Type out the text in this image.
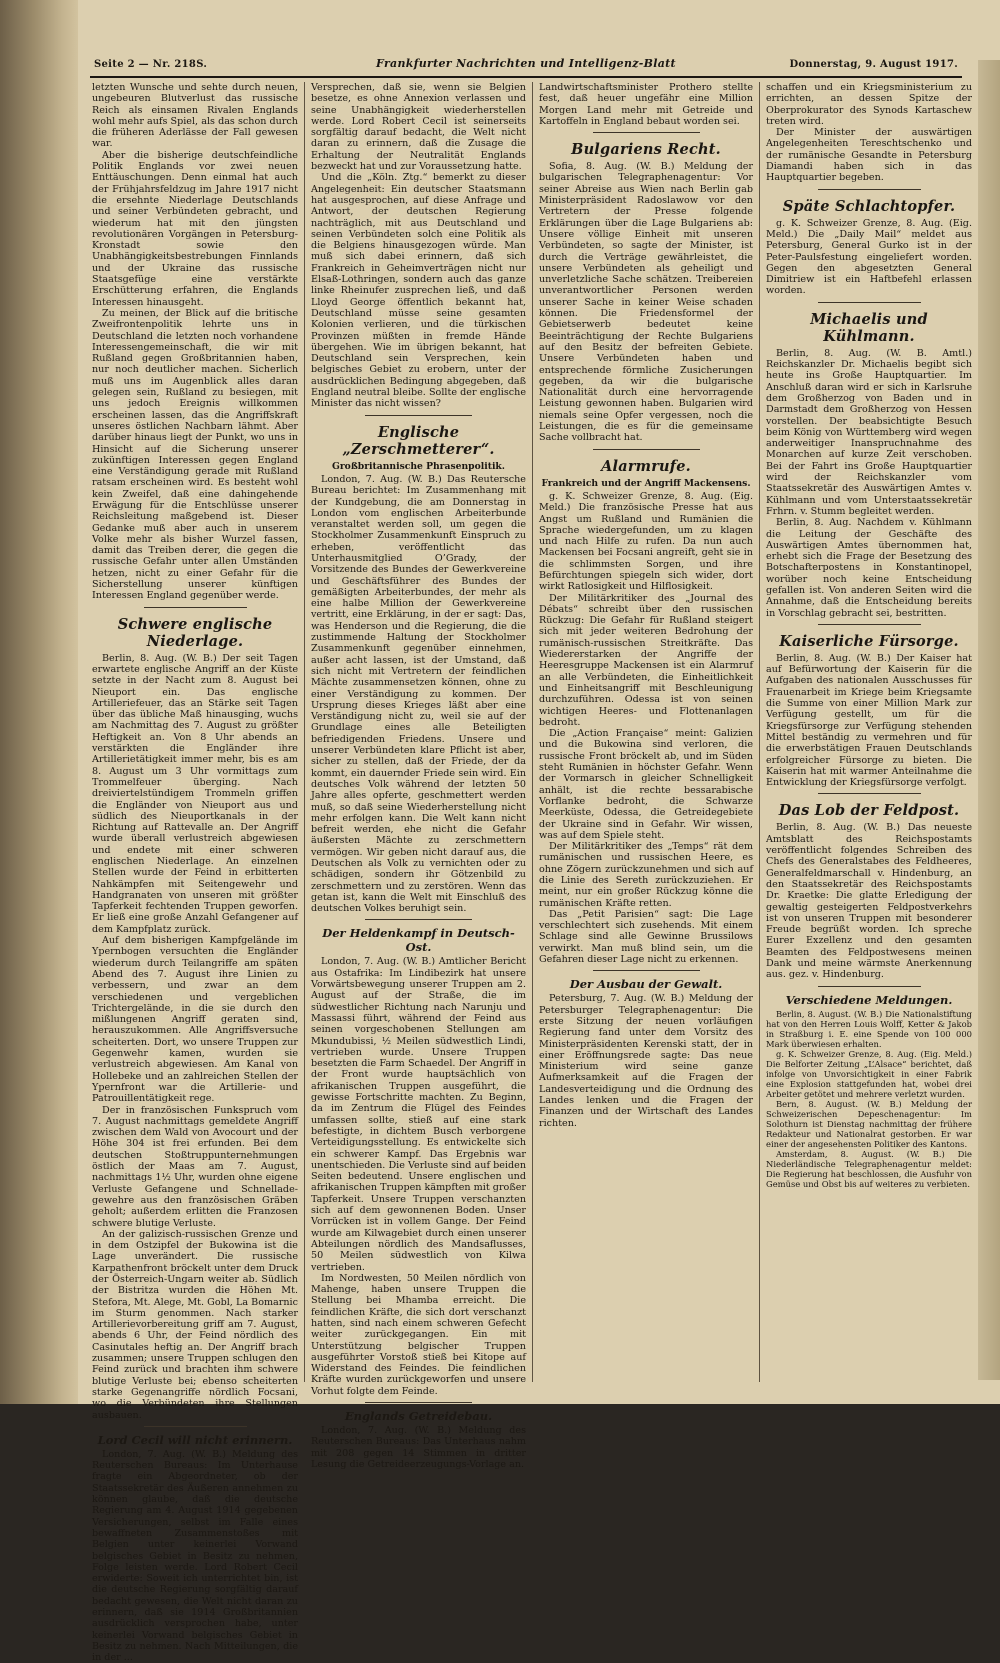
Seite 2 — Nr. 218S.	Frankfurter Nachrichten und Intelligenz-Blatt	Donnerstag, 9. August 1917.

letzten Wunsche und sehte durch neuen, ungebeuren Blutverlust das russische Reich als einsamen Rivalen Englands wohl mehr aufs Spiel, als das schon durch die früheren Aderlässe der Fall gewesen war.

Aber die bisherige deutschfeindliche Politik Englands vor zwei neuen Enttäuschungen. Denn einmal hat auch der Frühjahrsfeldzug im Jahre 1917 nicht die ersehnte Niederlage Deutschlands und seiner Verbündeten gebracht, und wiederum hat mit den jüngsten revolutionären Vorgängen in Petersburg-Kronstadt sowie den Unabhängigkeitsbestrebungen Finnlands und der Ukraine das russische Staatsgefüge eine verstärkte Erschütterung erfahren, die Englands Interessen hinausgeht.

Zu meinen, der Blick auf die britische Zweifrontenpolitik lehrte uns in Deutschland die letzten noch vorhandene Interessengemeinschaft, die wir mit Rußland gegen Großbritannien haben, nur noch deutlicher machen. Sicherlich muß uns im Augenblick alles daran gelegen sein, Rußland zu besiegen, mit uns jedoch Ereignis willkommen erscheinen lassen, das die Angriffskraft unseres östlichen Nachbarn lähmt. Aber darüber hinaus liegt der Punkt, wo uns in Hinsicht auf die Sicherung unserer zukünftigen Interessen gegen England eine Verständigung gerade mit Rußland ratsam erscheinen wird. Es besteht wohl kein Zweifel, daß eine dahingehende Erwägung für die Entschlüsse unserer Reichsleitung maßgebend ist. Dieser Gedanke muß aber auch in unserem Volke mehr als bisher Wurzel fassen, damit das Treiben derer, die gegen die russische Gefahr unter allen Umständen hetzen, nicht zu einer Gefahr für die Sicherstellung unserer künftigen Interessen England gegenüber werde.

Schwere englische Niederlage.

Berlin, 8. Aug. (W. B.) Der seit Tagen erwartete englische Angriff an der Küste setzte in der Nacht zum 8. August bei Nieuport ein. Das englische Artilleriefeuer, das an Stärke seit Tagen über das übliche Maß hinausging, wuchs am Nachmittag des 7. August zu größter Heftigkeit an. Von 8 Uhr abends an verstärkten die Engländer ihre Artillerietätigkeit immer mehr, bis es am 8. August um 3 Uhr vormittags zum Trommelfeuer überging. Nach dreiviertelstündigem Trommeln griffen die Engländer von Nieuport aus und südlich des Nieuportkanals in der Richtung auf Rattevalle an. Der Angriff wurde überall verlustreich abgewiesen und endete mit einer schweren englischen Niederlage. An einzelnen Stellen wurde der Feind in erbitterten Nahkämpfen mit Seitengewehr und Handgranaten von unseren mit größter Tapferkeit fechtenden Truppen geworfen. Er ließ eine große Anzahl Gefangener auf dem Kampfplatz zurück.

Auf dem bisherigen Kampfgelände im Ypernbogen versuchten die Engländer wiederum durch Teilangriffe am späten Abend des 7. August ihre Linien zu verbessern, und zwar an dem verschiedenen und vergeblichen Trichtergelände, in die sie durch den mißlungenen Angriff geraten sind, herauszukommen. Alle Angriffsversuche scheiterten. Dort, wo unsere Truppen zur Gegenwehr kamen, wurden sie verlustreich abgewiesen. Am Kanal von Hollebeke und an zahlreichen Stellen der Ypernfront war die Artillerie- und Patrouillentätigkeit rege.

Der in französischen Funkspruch vom 7. August nachmittags gemeldete Angriff zwischen dem Wald von Avocourt und der Höhe 304 ist frei erfunden. Bei dem deutschen Stoßtruppunternehmungen östlich der Maas am 7. August, nachmittags 1½ Uhr, wurden ohne eigene Verluste Gefangene und Schnellade-gewehre aus den französischen Gräben geholt; außerdem erlitten die Franzosen schwere blutige Verluste.

An der galizisch-russischen Grenze und in dem Ostzipfel der Bukowina ist die Lage unverändert. Die russische Karpathenfront bröckelt unter dem Druck der Österreich-Ungarn weiter ab. Südlich der Bistritza wurden die Höhen Mt. Stefora, Mt. Alege, Mt. Gobl, La Bomarnic im Sturm genommen. Nach starker Artillerievorbereitung griff am 7. August, abends 6 Uhr, der Feind nördlich des Casinutales heftig an. Der Angriff brach zusammen; unsere Truppen schlugen den Feind zurück und brachten ihm schwere blutige Verluste bei; ebenso scheiterten starke Gegenangriffe nördlich Focsani, wo die Verbündeten ihre Stellungen ausbauen.

Lord Cecil will nicht erinnern.

London, 7. Aug. (W. B.) Meldung des Reuterschen Bureaus: Im Unterhause fragte ein Abgeordneter, ob der Staatssekretär des Äußeren annehmen zu können glaube, daß die deutsche Regierung am 4. August 1914 gegebenen Versicherungen, selbst im Falle eines bewaffneten Zusammenstoßes mit Belgien unter keinerlei Vorwand belgisches Gebiet in Besitz zu nehmen, Folge leisten werde. Lord Robert Cecil erwiderte: Soweit ich unterrichtet bin, ist die deutsche Regierung sorgfältig darauf bedacht gewesen, die Welt nicht daran zu erinnern, daß sie 1914 Großbritannien ausdrücklich versprochen habe, unter keinerlei Vorwand belgisches Gebiet in Besitz zu nehmen. Nach Mitteilungen, die in der ...

Versprechen, daß sie, wenn sie Belgien besetze, es ohne Annexion verlassen und seine Unabhängigkeit wiederherstellen werde. Lord Robert Cecil ist seinerseits sorgfältig darauf bedacht, die Welt nicht daran zu erinnern, daß die Zusage die Erhaltung der Neutralität Englands bezweckt hat und zur Voraussetzung hatte.

Und die „Köln. Ztg.“ bemerkt zu dieser Angelegenheit: Ein deutscher Staatsmann hat ausgesprochen, auf diese Anfrage und Antwort, der deutschen Regierung nachträglich, mit aus Deutschland und seinen Verbündeten solch eine Politik als die Belgiens hinausgezogen würde. Man muß sich dabei erinnern, daß sich Frankreich in Geheimverträgen nicht nur Elsaß-Lothringen, sondern auch das ganze linke Rheinufer zusprechen ließ, und daß Lloyd George öffentlich bekannt hat, Deutschland müsse seine gesamten Kolonien verlieren, und die türkischen Provinzen müßten in fremde Hände übergehen. Wie im übrigen bekannt, hat Deutschland sein Versprechen, kein belgisches Gebiet zu erobern, unter der ausdrücklichen Bedingung abgegeben, daß England neutral bleibe. Sollte der englische Minister das nicht wissen?

Englische „Zerschmetterer“.
Großbritannische Phrasenpolitik.

London, 7. Aug. (W. B.) Das Reutersche Bureau berichtet: Im Zusammenhang mit der Kundgebung, die am Donnerstag in London vom englischen Arbeiterbunde veranstaltet werden soll, um gegen die Stockholmer Zusammenkunft Einspruch zu erheben, veröffentlicht das Unterhausmitglied O’Grady, der Vorsitzende des Bundes der Gewerkvereine und Geschäftsführer des Bundes der gemäßigten Arbeiterbundes, der mehr als eine halbe Million der Gewerkvereine vertritt, eine Erklärung, in der er sagt: Das, was Henderson und die Regierung, die die zustimmende Haltung der Stockholmer Zusammenkunft gegenüber einnehmen, außer acht lassen, ist der Umstand, daß sich nicht mit Vertretern der feindlichen Mächte zusammensetzen können, ohne zu einer Verständigung zu kommen. Der Ursprung dieses Krieges läßt aber eine Verständigung nicht zu, weil sie auf der Grundlage eines alle Beteiligten befriedigenden Friedens. Unsere und unserer Verbündeten klare Pflicht ist aber, sicher zu stellen, daß der Friede, der da kommt, ein dauernder Friede sein wird. Ein deutsches Volk während der letzten 50 Jahre alles opferte, geschmettert werden muß, so daß seine Wiederherstellung nicht mehr erfolgen kann. Die Welt kann nicht befreit werden, ehe nicht die Gefahr äußersten Mächte zu zerschmettern vermögen. Wir geben nicht darauf aus, die Deutschen als Volk zu vernichten oder zu schädigen, sondern ihr Götzenbild zu zerschmettern und zu zerstören. Wenn das getan ist, kann die Welt mit Einschluß des deutschen Volkes beruhigt sein.

Der Heldenkampf in Deutsch-Ost.

London, 7. Aug. (W. B.) Amtlicher Bericht aus Ostafrika: Im Lindibezirk hat unsere Vorwärtsbewegung unserer Truppen am 2. August auf der Straße, die im südwestlicher Richtung nach Narunju und Massassi führt, während der Feind aus seinen vorgeschobenen Stellungen am Mkundubissi, ½ Meilen südwestlich Lindi, vertrieben wurde. Unsere Truppen besetzten die Farm Schaedel. Der Angriff in der Front wurde hauptsächlich von afrikanischen Truppen ausgeführt, die gewisse Fortschritte machten. Zu Beginn, da im Zentrum die Flügel des Feindes umfassen sollte, stieß auf eine stark befestigte, in dichtem Busch verborgene Verteidigungsstellung. Es entwickelte sich ein schwerer Kampf. Das Ergebnis war unentschieden. Die Verluste sind auf beiden Seiten bedeutend. Unsere englischen und afrikanischen Truppen kämpften mit großer Tapferkeit. Unsere Truppen verschanzten sich auf dem gewonnenen Boden. Unser Vorrücken ist in vollem Gange. Der Feind wurde am Kilwagebiet durch einen unserer Abteilungen nördlich des Mandsaflusses, 50 Meilen südwestlich von Kilwa vertrieben.

Im Nordwesten, 50 Meilen nördlich von Mahenge, haben unsere Truppen die Stellung bei Mhamba erreicht. Die feindlichen Kräfte, die sich dort verschanzt hatten, sind nach einem schweren Gefecht weiter zurückgegangen. Ein mit Unterstützung belgischer Truppen ausgeführter Vorstoß stieß bei Kitope auf Widerstand des Feindes. Die feindlichen Kräfte wurden zurückgeworfen und unsere Vorhut folgte dem Feinde.

Englands Getreidebau.

London, 7. Aug. (W. B.) Meldung des Reuterschen Bureaus: Das Unterhaus nahm mit 208 gegen 14 Stimmen in dritter Lesung die Getreideerzeugungs-Vorlage an.

Landwirtschaftsminister Prothero stellte fest, daß heuer ungefähr eine Million Morgen Land mehr mit Getreide und Kartoffeln in England bebaut worden sei.

Bulgariens Recht.

Sofia, 8. Aug. (W. B.) Meldung der bulgarischen Telegraphenagentur: Vor seiner Abreise aus Wien nach Berlin gab Ministerpräsident Radoslawow vor den Vertretern der Presse folgende Erklärungen über die Lage Bulgariens ab: Unsere völlige Einheit mit unseren Verbündeten, so sagte der Minister, ist durch die Verträge gewährleistet, die unsere Verbündeten als geheiligt und unverletzliche Sache schätzen. Treibereien unverantwortlicher Personen werden unserer Sache in keiner Weise schaden können. Die Friedensformel der Gebietserwerb bedeutet keine Beeinträchtigung der Rechte Bulgariens auf den Besitz der befreiten Gebiete. Unsere Verbündeten haben und entsprechende förmliche Zusicherungen gegeben, da wir die bulgarische Nationalität durch eine hervorragende Leistung gewonnen haben. Bulgarien wird niemals seine Opfer vergessen, noch die Leistungen, die es für die gemeinsame Sache vollbracht hat.

Alarmrufe.
Frankreich und der Angriff Mackensens.

g. K. Schweizer Grenze, 8. Aug. (Eig. Meld.) Die französische Presse hat aus Angst um Rußland und Rumänien die Sprache wiedergefunden, um zu klagen und nach Hilfe zu rufen. Da nun auch Mackensen bei Focsani angreift, geht sie in die schlimmsten Sorgen, und ihre Befürchtungen spiegeln sich wider, dort wirkt Ratlosigkeit und Hilflosigkeit.

Der Militärkritiker des „Journal des Débats“ schreibt über den russischen Rückzug: Die Gefahr für Rußland steigert sich mit jeder weiteren Bedrohung der rumänisch-russischen Streitkräfte. Das Wiedererstarken der Angriffe der Heeresgruppe Mackensen ist ein Alarmruf an alle Verbündeten, die Einheitlichkeit und Einheitsangriff mit Beschleunigung durchzuführen. Odessa ist von seinen wichtigen Heeres- und Flottenanlagen bedroht.

Die „Action Française“ meint: Galizien und die Bukowina sind verloren, die russische Front bröckelt ab, und im Süden steht Rumänien in höchster Gefahr. Wenn der Vormarsch in gleicher Schnelligkeit anhält, ist die rechte bessarabische Vorflanke bedroht, die Schwarze Meerküste, Odessa, die Getreidegebiete der Ukraine sind in Gefahr. Wir wissen, was auf dem Spiele steht.

Der Militärkritiker des „Temps“ rät dem rumänischen und russischen Heere, es ohne Zögern zurückzunehmen und sich auf die Linie des Sereth zurückzuziehen. Er meint, nur ein großer Rückzug könne die rumänischen Kräfte retten.

Das „Petit Parisien“ sagt: Die Lage verschlechtert sich zusehends. Mit einem Schlage sind alle Gewinne Brussilows verwirkt. Man muß blind sein, um die Gefahren dieser Lage nicht zu erkennen.

Der Ausbau der Gewalt.

Petersburg, 7. Aug. (W. B.) Meldung der Petersburger Telegraphenagentur: Die erste Sitzung der neuen vorläufigen Regierung fand unter dem Vorsitz des Ministerpräsidenten Kerenski statt, der in einer Eröffnungsrede sagte: Das neue Ministerium wird seine ganze Aufmerksamkeit auf die Fragen der Landesverteidigung und die Ordnung des Landes lenken und die Fragen der Finanzen und der Wirtschaft des Landes richten.

schaffen und ein Kriegsministerium zu errichten, an dessen Spitze der Oberprokurator des Synods Kartaschew treten wird.

Der Minister der auswärtigen Angelegenheiten Tereschtschenko und der rumänische Gesandte in Petersburg Diamandi haben sich in das Hauptquartier begeben.

Späte Schlachtopfer.

g. K. Schweizer Grenze, 8. Aug. (Eig. Meld.) Die „Daily Mail“ meldet aus Petersburg, General Gurko ist in der Peter-Paulsfestung eingeliefert worden. Gegen den abgesetzten General Dimitriew ist ein Haftbefehl erlassen worden.

Michaelis und Kühlmann.

Berlin, 8. Aug. (W. B. Amtl.) Reichskanzler Dr. Michaelis begibt sich heute ins Große Hauptquartier. Im Anschluß daran wird er sich in Karlsruhe dem Großherzog von Baden und in Darmstadt dem Großherzog von Hessen vorstellen. Der beabsichtigte Besuch beim König von Württemberg wird wegen anderweitiger Inanspruchnahme des Monarchen auf kurze Zeit verschoben. Bei der Fahrt ins Große Hauptquartier wird der Reichskanzler vom Staatssekretär des Auswärtigen Amtes v. Kühlmann und vom Unterstaatssekretär Frhrn. v. Stumm begleitet werden.

Berlin, 8. Aug. Nachdem v. Kühlmann die Leitung der Geschäfte des Auswärtigen Amtes übernommen hat, erhebt sich die Frage der Besetzung des Botschafterpostens in Konstantinopel, worüber noch keine Entscheidung gefallen ist. Von anderen Seiten wird die Annahme, daß die Entscheidung bereits in Vorschlag gebracht sei, bestritten.

Kaiserliche Fürsorge.

Berlin, 8. Aug. (W. B.) Der Kaiser hat auf Befürwortung der Kaiserin für die Aufgaben des nationalen Ausschusses für Frauenarbeit im Kriege beim Kriegsamte die Summe von einer Million Mark zur Verfügung gestellt, um für die Kriegsfürsorge zur Verfügung stehenden Mittel beständig zu vermehren und für die erwerbstätigen Frauen Deutschlands erfolgreicher Fürsorge zu bieten. Die Kaiserin hat mit warmer Anteilnahme die Entwicklung der Kriegsfürsorge verfolgt.

Das Lob der Feldpost.

Berlin, 8. Aug. (W. B.) Das neueste Amtsblatt des Reichspostamts veröffentlicht folgendes Schreiben des Chefs des Generalstabes des Feldheeres, Generalfeldmarschall v. Hindenburg, an den Staatssekretär des Reichspostamts Dr. Kraetke: Die glatte Erledigung der gewaltig gesteigerten Feldpostverkehrs ist von unseren Truppen mit besonderer Freude begrüßt worden. Ich spreche Eurer Exzellenz und den gesamten Beamten des Feldpostwesens meinen Dank und meine wärmste Anerkennung aus. gez. v. Hindenburg.

Verschiedene Meldungen.

Berlin, 8. August. (W. B.) Die Nationalstiftung hat von den Herren Louis Wolff, Ketter & Jakob in Straßburg i. E. eine Spende von 100 000 Mark überwiesen erhalten.

g. K. Schweizer Grenze, 8. Aug. (Eig. Meld.) Die Belforter Zeitung „L’Alsace“ berichtet, daß infolge von Unvorsichtigkeit in einer Fabrik eine Explosion stattgefunden hat, wobei drei Arbeiter getötet und mehrere verletzt wurden.

Bern, 8. August. (W. B.) Meldung der Schweizerischen Depeschenagentur: Im Solothurn ist Dienstag nachmittag der frühere Redakteur und Nationalrat gestorben. Er war einer der angesehensten Politiker des Kantons.

Amsterdam, 8. August. (W. B.) Die Niederländische Telegraphenagentur meldet: Die Regierung hat beschlossen, die Ausfuhr von Gemüse und Obst bis auf weiteres zu verbieten.
